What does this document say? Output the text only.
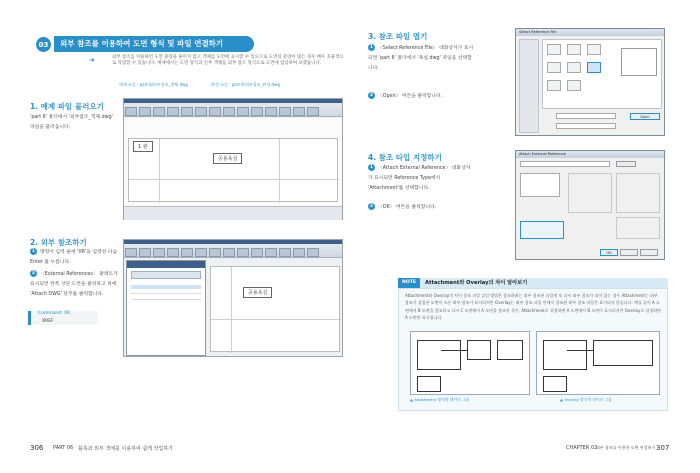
03	외부 참조를 이용하여 도면 형식 및 파일 연결하기
➜	외부 참조를 이용하면 도면 용량을 줄이지 않고 객체를 도면에 표시할 수 있으므로 도면의 분량이 많은 경우 매우 효율적으로 작업할 수 있습니다. 예제에서는 도면 형식과 일부 객체를 외부 참조 형식으로 도면에 삽입하여 보겠습니다.
예제 파일 : part 6/외부참조_객체.dwg	완성 파일 : part 6/외부참조_완성.dwg
1. 예제 파일 불러오기
'part 6' 폴더에서 '외부참조_객체.dwg' 파일을 불러옵니다.
공용욕실
1 관
2. 외부 참조하기
1 명령어 입력 줄에 'XR'을 입력한 다음 Enter 를 누릅니다.
2 〈External References〉 팔레트가 표시되면 왼쪽 상단 도면을 클릭하고 위에 'Attach DWG' 단추를 클릭합니다.
Command: XR
XREF
공용욕실
306 PART 06 블록과 외부 객체를 이용하여 쉽게 작업하기
3. 참조 파일 열기
1 〈Select Reference File〉 대화상자가 표시되면 'part 6' 폴더에서 '욕실.dwg' 파일을 선택합니다.
2 〈Open〉 버튼을 클릭합니다.
Select Reference File
Open
4. 참조 타입 지정하기
1 〈Attach External Reference〉 대화상자가 표시되면 Reference Type에서 'Attachment'를 선택합니다.
2 〈OK〉 버튼을 클릭합니다.
Attach External Reference
OK
NOTE	Attachment와 Overlay의 차이 알아보기
Attachment와 Overlay의 차이 참조 파일 삽입 방법은 참조하려는 외부 참조된 파일에 또 다시 외부 참조가 되어 있는 경우 Attachment는 외부 참조가 삽입된 도면이 모든 외부 참조가 표시되지만 Overlay는 외부 참조 파일 안에서 참조된 외부 참조 파일은 표시되지 않습니다. 예를 들어 A 도면에서 B 도면을 참조하고 다시 C 도면에서 A 도면을 참조한 경우, Attachment로 설정하면 A 도면에서 B 도면이 표시되지만 Overlay로 설정하면 A 도면만 표시됩니다.
▲ Attachment 방식의 데이터 그룹	▲ Overlay 방식의 데이터 그룹
CHAPTER 02
외부 참조를 이용한 도면 연결하기 307
